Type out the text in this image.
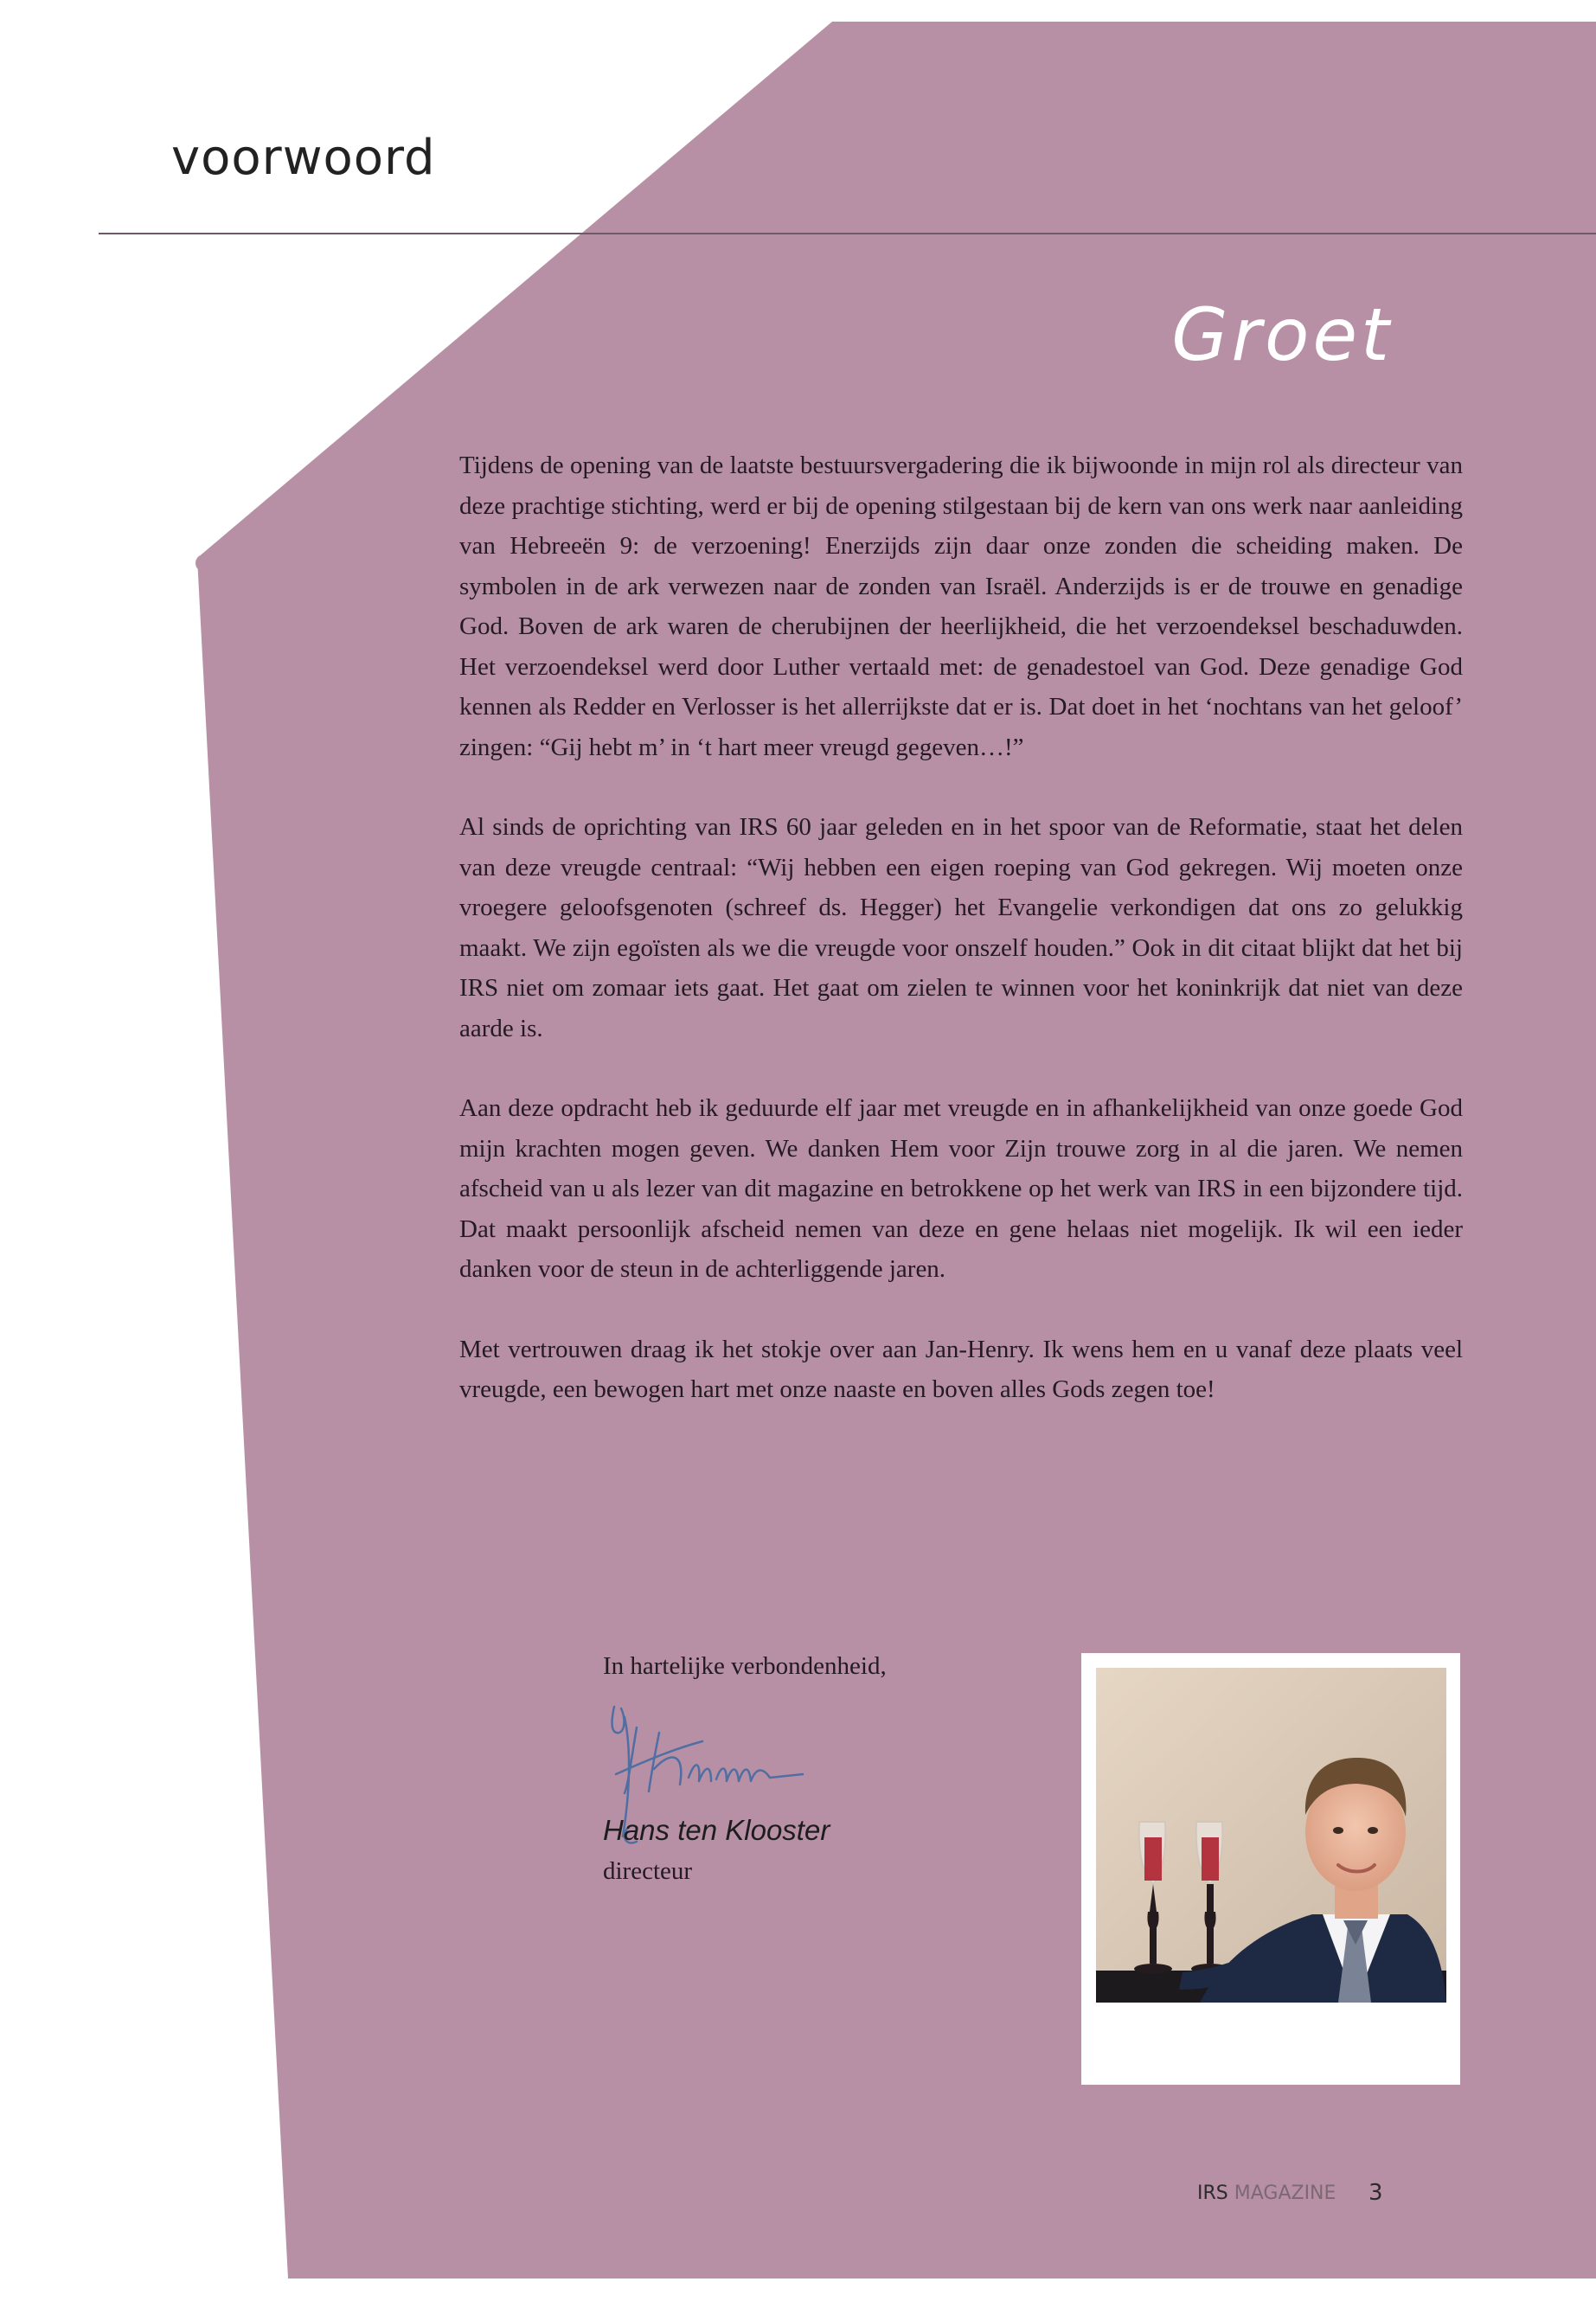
voorwoord
Groet

Tijdens de opening van de laatste bestuursvergadering die ik bijwoonde in mijn rol als directeur van deze prachtige stichting, werd er bij de opening stilgestaan bij de kern van ons werk naar aanleiding van Hebreeën 9: de verzoening! Enerzijds zijn daar onze zonden die scheiding maken. De symbolen in de ark verwezen naar de zonden van Israël. Anderzijds is er de trouwe en genadige God. Boven de ark waren de cherubijnen der heerlijkheid, die het verzoendeksel beschaduwden. Het verzoendeksel werd door Luther vertaald met: de genadestoel van God. Deze genadige God kennen als Redder en Verlosser is het allerrijkste dat er is. Dat doet in het ‘nochtans van het geloof’ zingen: “Gij hebt m’ in ‘t hart meer vreugd gegeven…!”

Al sinds de oprichting van IRS 60 jaar geleden en in het spoor van de Reformatie, staat het delen van deze vreugde centraal: “Wij hebben een eigen roeping van God gekregen. Wij moeten onze vroegere geloofsgenoten (schreef ds. Hegger) het Evangelie verkondigen dat ons zo gelukkig maakt. We zijn egoïsten als we die vreugde voor onszelf houden.” Ook in dit citaat blijkt dat het bij IRS niet om zomaar iets gaat. Het gaat om zielen te winnen voor het koninkrijk dat niet van deze aarde is.

Aan deze opdracht heb ik geduurde elf jaar met vreugde en in afhankelijkheid van onze goede God mijn krachten mogen geven. We danken Hem voor Zijn trouwe zorg in al die jaren. We nemen afscheid van u als lezer van dit magazine en betrokkene op het werk van IRS in een bijzondere tijd. Dat maakt persoonlijk afscheid nemen van deze en gene helaas niet mogelijk. Ik wil een ieder danken voor de steun in de achterliggende jaren.

Met vertrouwen draag ik het stokje over aan Jan-Henry. Ik wens hem en u vanaf deze plaats veel vreugde, een bewogen hart met onze naaste en boven alles Gods zegen toe!

In hartelijke verbondenheid,
Hans ten Klooster
directeur
IRS MAGAZINE 3
